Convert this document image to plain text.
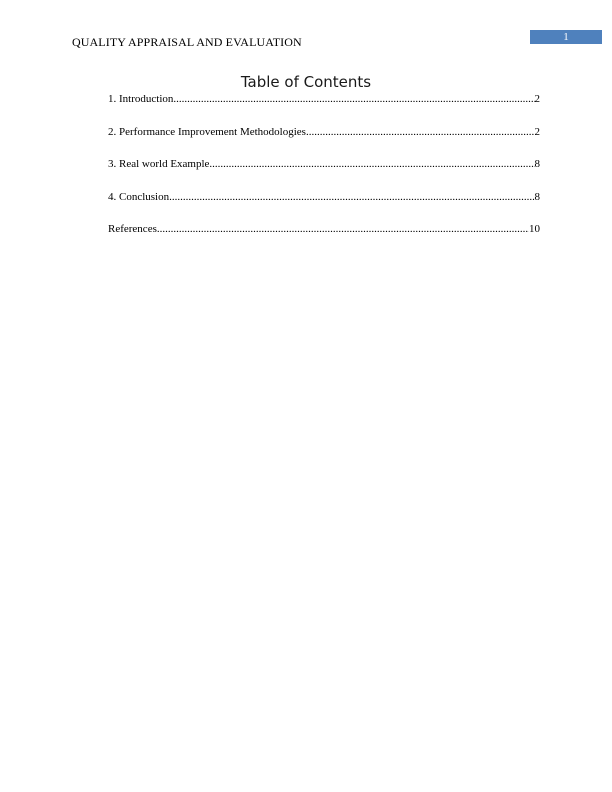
QUALITY APPRAISAL AND EVALUATION	1
Table of Contents
1. Introduction .....	2
2. Performance Improvement Methodologies .....	2
3. Real world Example .....	8
4. Conclusion .....	8
References .....	10
